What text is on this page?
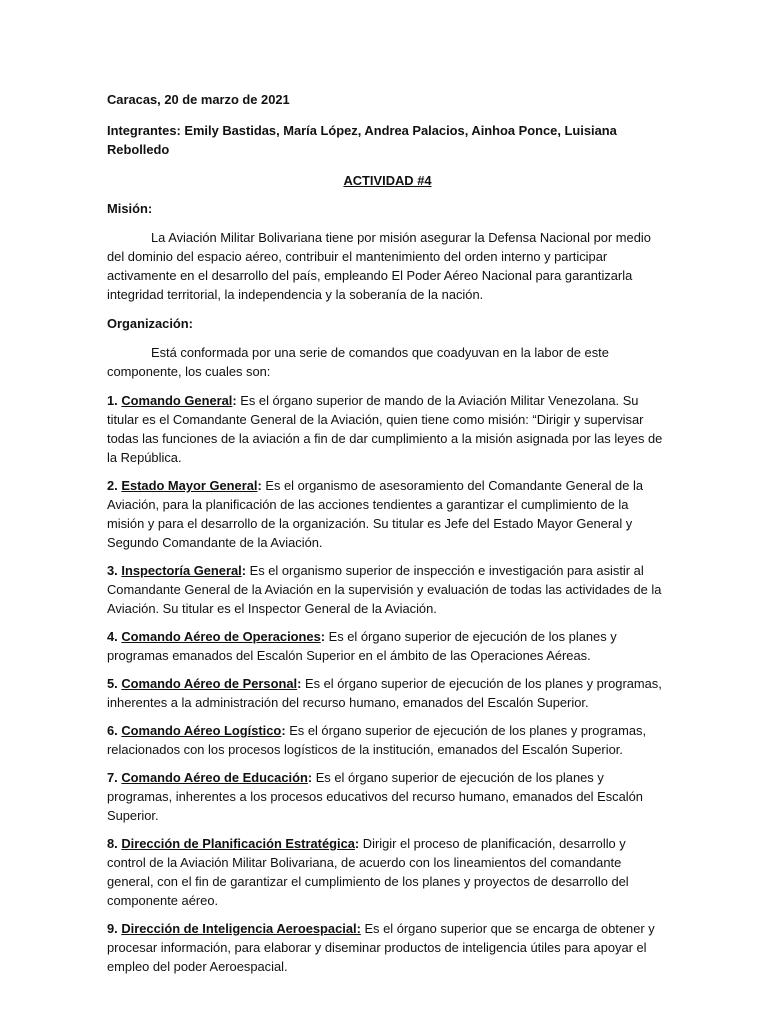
Caracas, 20 de marzo de 2021

Integrantes: Emily Bastidas, María López, Andrea Palacios, Ainhoa Ponce, Luisiana Rebolledo

ACTIVIDAD #4

Misión:

La Aviación Militar Bolivariana tiene por misión asegurar la Defensa Nacional por medio del dominio del espacio aéreo, contribuir el mantenimiento del orden interno y participar activamente en el desarrollo del país, empleando El Poder Aéreo Nacional para garantizarla integridad territorial, la independencia y la soberanía de la nación.

Organización:

Está conformada por una serie de comandos que coadyuvan en la labor de este componente, los cuales son:

1. Comando General: Es el órgano superior de mando de la Aviación Militar Venezolana. Su titular es el Comandante General de la Aviación, quien tiene como misión: “Dirigir y supervisar todas las funciones de la aviación a fin de dar cumplimiento a la misión asignada por las leyes de la República.

2. Estado Mayor General: Es el organismo de asesoramiento del Comandante General de la Aviación, para la planificación de las acciones tendientes a garantizar el cumplimiento de la misión y para el desarrollo de la organización. Su titular es Jefe del Estado Mayor General y Segundo Comandante de la Aviación.

3. Inspectoría General: Es el organismo superior de inspección e investigación para asistir al Comandante General de la Aviación en la supervisión y evaluación de todas las actividades de la Aviación. Su titular es el Inspector General de la Aviación.

4. Comando Aéreo de Operaciones: Es el órgano superior de ejecución de los planes y programas emanados del Escalón Superior en el ámbito de las Operaciones Aéreas.

5. Comando Aéreo de Personal: Es el órgano superior de ejecución de los planes y programas, inherentes a la administración del recurso humano, emanados del Escalón Superior.

6. Comando Aéreo Logístico: Es el órgano superior de ejecución de los planes y programas, relacionados con los procesos logísticos de la institución, emanados del Escalón Superior.

7. Comando Aéreo de Educación: Es el órgano superior de ejecución de los planes y programas, inherentes a los procesos educativos del recurso humano, emanados del Escalón Superior.

8. Dirección de Planificación Estratégica: Dirigir el proceso de planificación, desarrollo y control de la Aviación Militar Bolivariana, de acuerdo con los lineamientos del comandante general, con el fin de garantizar el cumplimiento de los planes y proyectos de desarrollo del componente aéreo.

9. Dirección de Inteligencia Aeroespacial: Es el órgano superior que se encarga de obtener y procesar información, para elaborar y diseminar productos de inteligencia útiles para apoyar el empleo del poder Aeroespacial.
